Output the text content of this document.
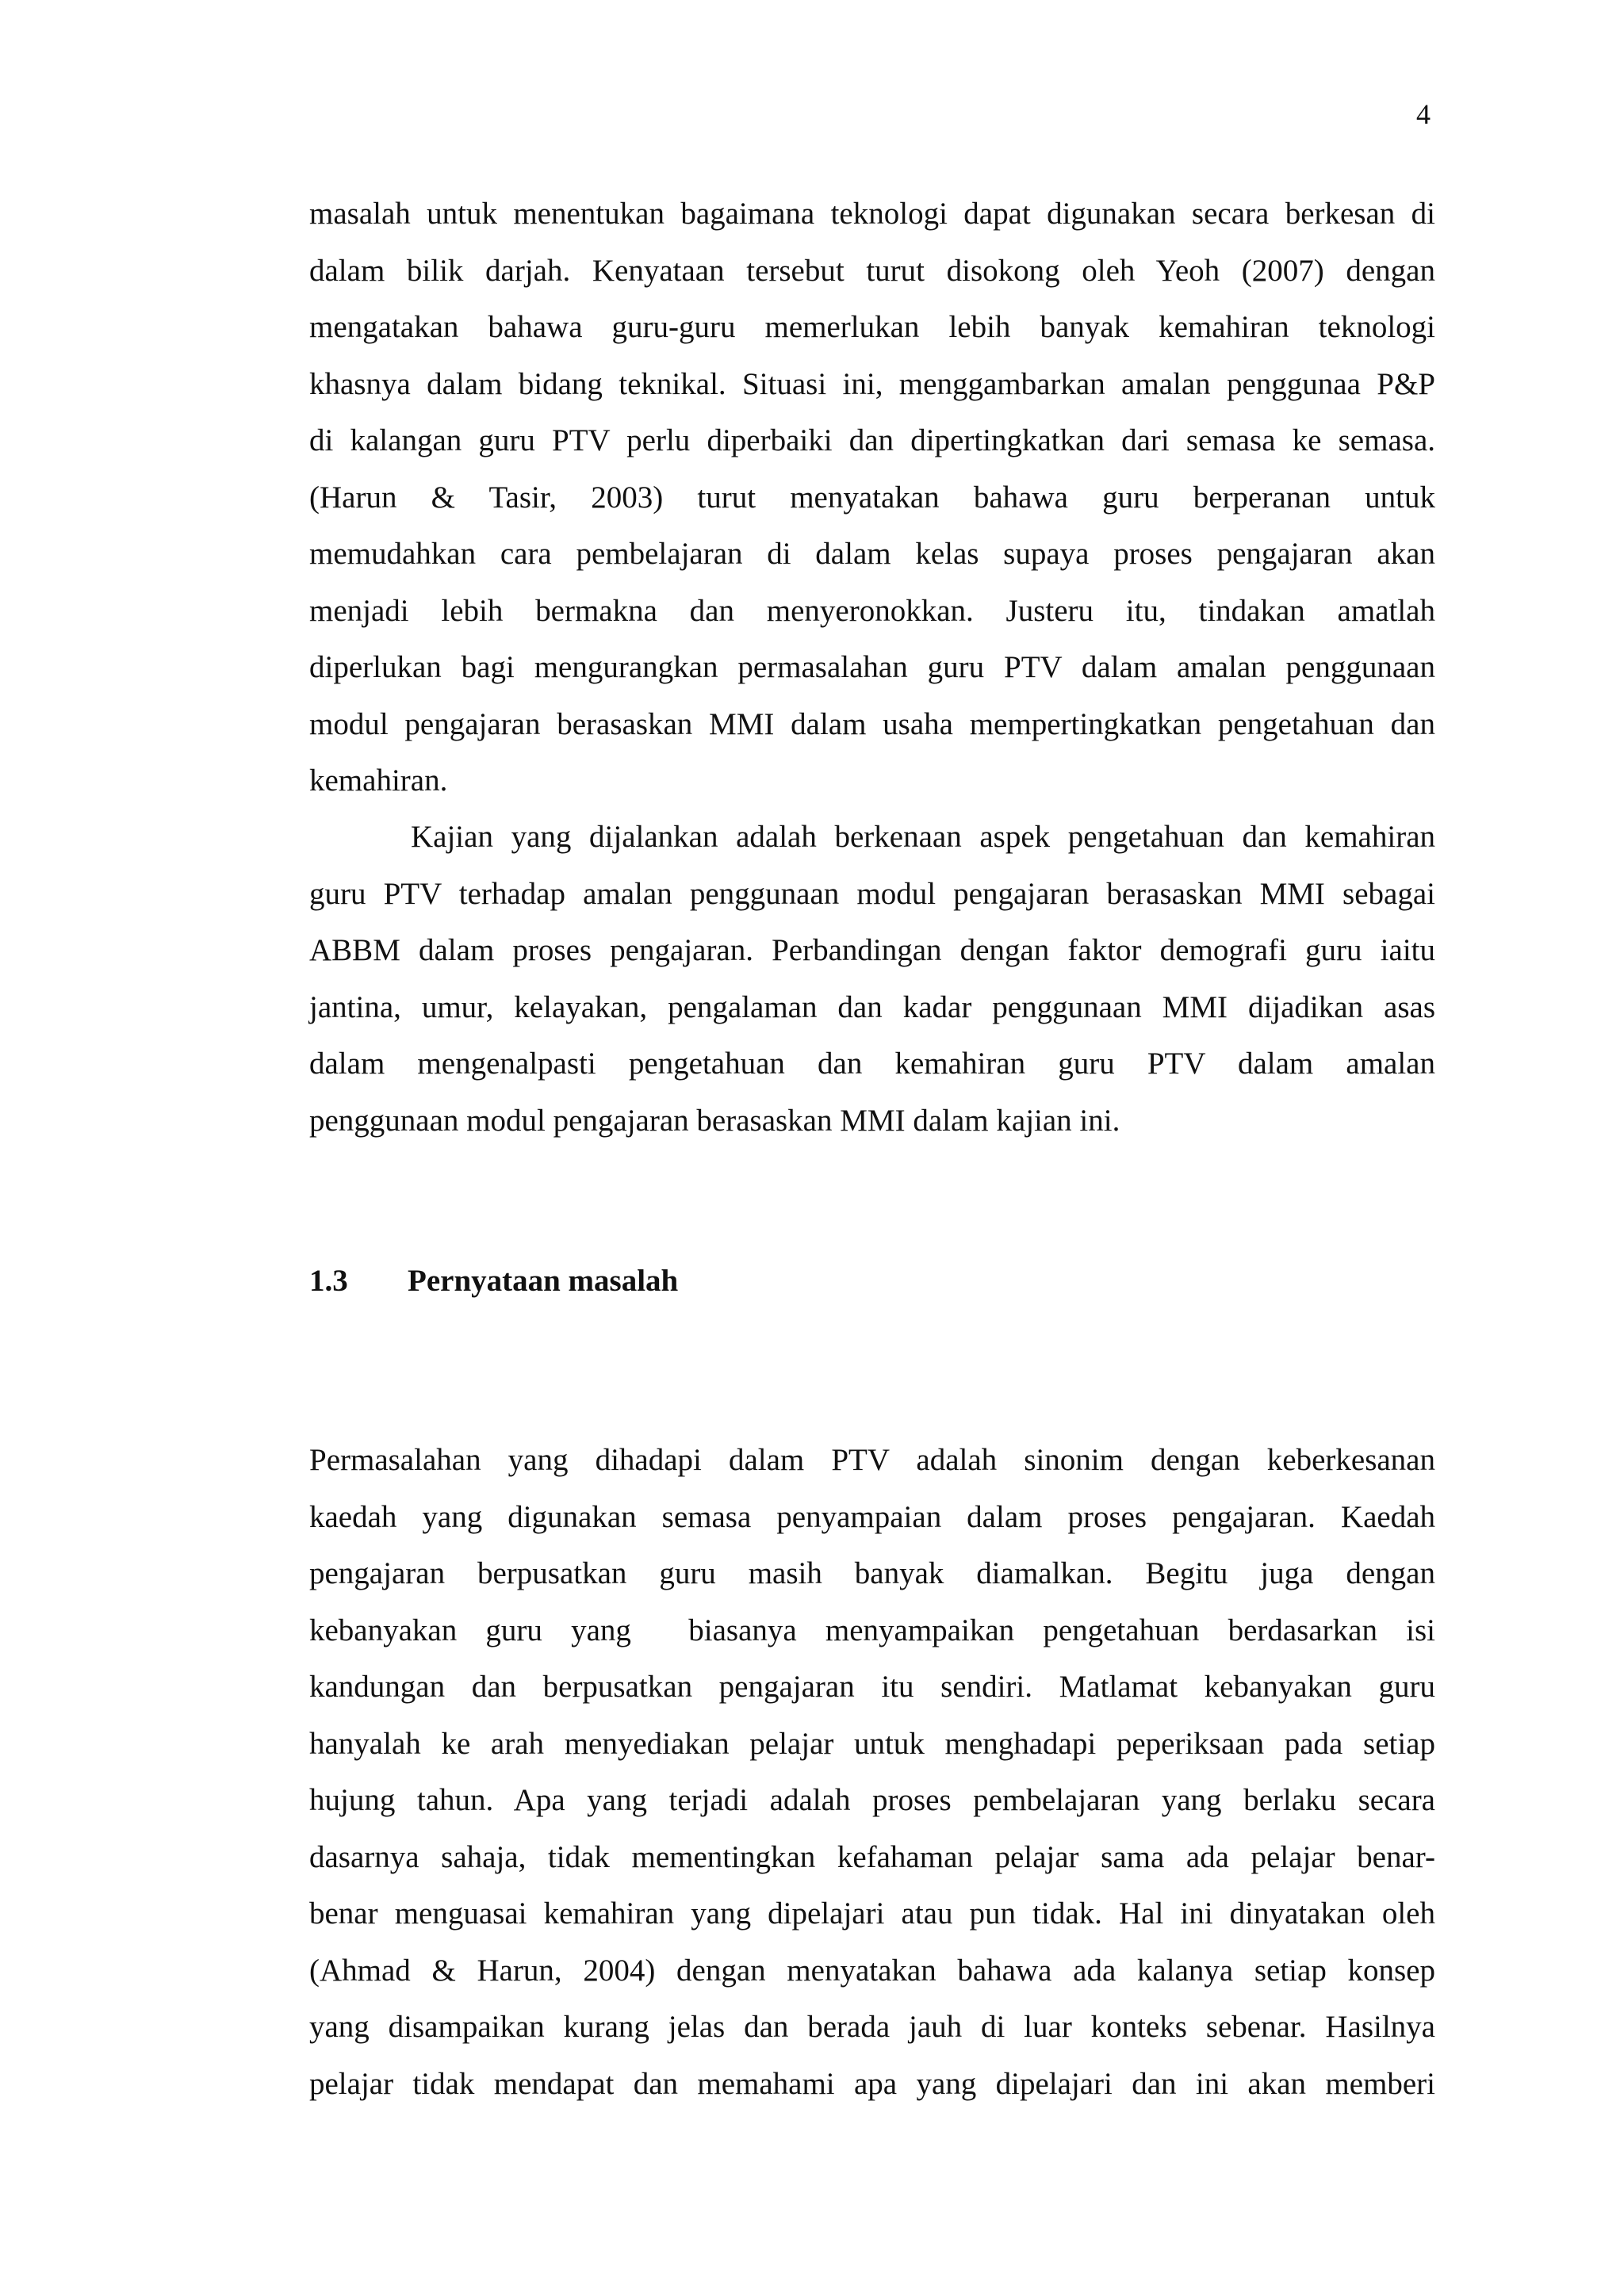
4
masalah untuk menentukan bagaimana teknologi dapat digunakan secara berkesan di
dalam bilik darjah. Kenyataan tersebut turut disokong oleh Yeoh (2007) dengan
mengatakan bahawa guru-guru memerlukan lebih banyak kemahiran teknologi
khasnya dalam bidang teknikal. Situasi ini, menggambarkan amalan penggunaa P&P
di kalangan guru PTV perlu diperbaiki dan dipertingkatkan dari semasa ke semasa.
(Harun & Tasir, 2003) turut menyatakan bahawa guru berperanan untuk
memudahkan cara pembelajaran di dalam kelas supaya proses pengajaran akan
menjadi lebih bermakna dan menyeronokkan. Justeru itu, tindakan amatlah
diperlukan bagi mengurangkan permasalahan guru PTV dalam amalan penggunaan
modul pengajaran berasaskan MMI dalam usaha mempertingkatkan pengetahuan dan
kemahiran.
Kajian yang dijalankan adalah berkenaan aspek pengetahuan dan kemahiran
guru PTV terhadap amalan penggunaan modul pengajaran berasaskan MMI sebagai
ABBM dalam proses pengajaran. Perbandingan dengan faktor demografi guru iaitu
jantina, umur, kelayakan, pengalaman dan kadar penggunaan MMI dijadikan asas
dalam mengenalpasti pengetahuan dan kemahiran guru PTV dalam amalan
penggunaan modul pengajaran berasaskan MMI dalam kajian ini.
1.3 Pernyataan masalah
Permasalahan yang dihadapi dalam PTV adalah sinonim dengan keberkesanan
kaedah yang digunakan semasa penyampaian dalam proses pengajaran. Kaedah
pengajaran berpusatkan guru masih banyak diamalkan. Begitu juga dengan
kebanyakan guru yang  biasanya menyampaikan pengetahuan berdasarkan isi
kandungan dan berpusatkan pengajaran itu sendiri. Matlamat kebanyakan guru
hanyalah ke arah menyediakan pelajar untuk menghadapi peperiksaan pada setiap
hujung tahun. Apa yang terjadi adalah proses pembelajaran yang berlaku secara
dasarnya sahaja, tidak mementingkan kefahaman pelajar sama ada pelajar benar-
benar menguasai kemahiran yang dipelajari atau pun tidak. Hal ini dinyatakan oleh
(Ahmad & Harun, 2004) dengan menyatakan bahawa ada kalanya setiap konsep
yang disampaikan kurang jelas dan berada jauh di luar konteks sebenar. Hasilnya
pelajar tidak mendapat dan memahami apa yang dipelajari dan ini akan memberi
